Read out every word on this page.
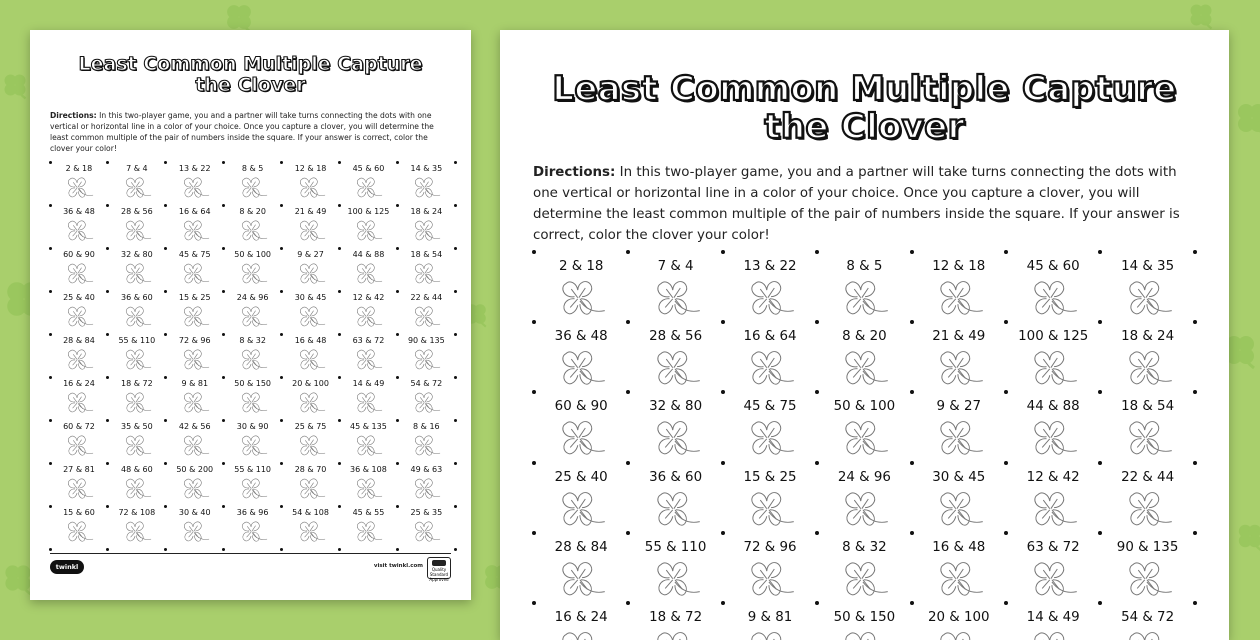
Least Common Multiple Capture
the Clover
Directions: In this two-player game, you and a partner will take turns connecting the dots with one vertical or horizontal line in a color of your choice. Once you capture a clover, you will determine the least common multiple of the pair of numbers inside the square. If your answer is correct, color the clover your color!
2 & 18	7 & 4	13 & 22	8 & 5	12 & 18	45 & 60	14 & 35
36 & 48	28 & 56	16 & 64	8 & 20	21 & 49	100 & 125	18 & 24
60 & 90	32 & 80	45 & 75	50 & 100	9 & 27	44 & 88	18 & 54
25 & 40	36 & 60	15 & 25	24 & 96	30 & 45	12 & 42	22 & 44
28 & 84	55 & 110	72 & 96	8 & 32	16 & 48	63 & 72	90 & 135
16 & 24	18 & 72	9 & 81	50 & 150	20 & 100	14 & 49	54 & 72
60 & 72	35 & 50	42 & 56	30 & 90	25 & 75	45 & 135	8 & 16
27 & 81	48 & 60	50 & 200	55 & 110	28 & 70	36 & 108	49 & 63
15 & 60	72 & 108	30 & 40	36 & 96	54 & 108	45 & 55	25 & 35
twinkl	visit twinkl.com
Quality Standard Approved
Least Common Multiple Capture
the Clover
Directions: In this two-player game, you and a partner will take turns connecting the dots with one vertical or horizontal line in a color of your choice. Once you capture a clover, you will determine the least common multiple of the pair of numbers inside the square. If your answer is correct, color the clover your color!
2 & 18	7 & 4	13 & 22	8 & 5	12 & 18	45 & 60	14 & 35
36 & 48	28 & 56	16 & 64	8 & 20	21 & 49	100 & 125	18 & 24
60 & 90	32 & 80	45 & 75	50 & 100	9 & 27	44 & 88	18 & 54
25 & 40	36 & 60	15 & 25	24 & 96	30 & 45	12 & 42	22 & 44
28 & 84	55 & 110	72 & 96	8 & 32	16 & 48	63 & 72	90 & 135
16 & 24	18 & 72	9 & 81	50 & 150	20 & 100	14 & 49	54 & 72
